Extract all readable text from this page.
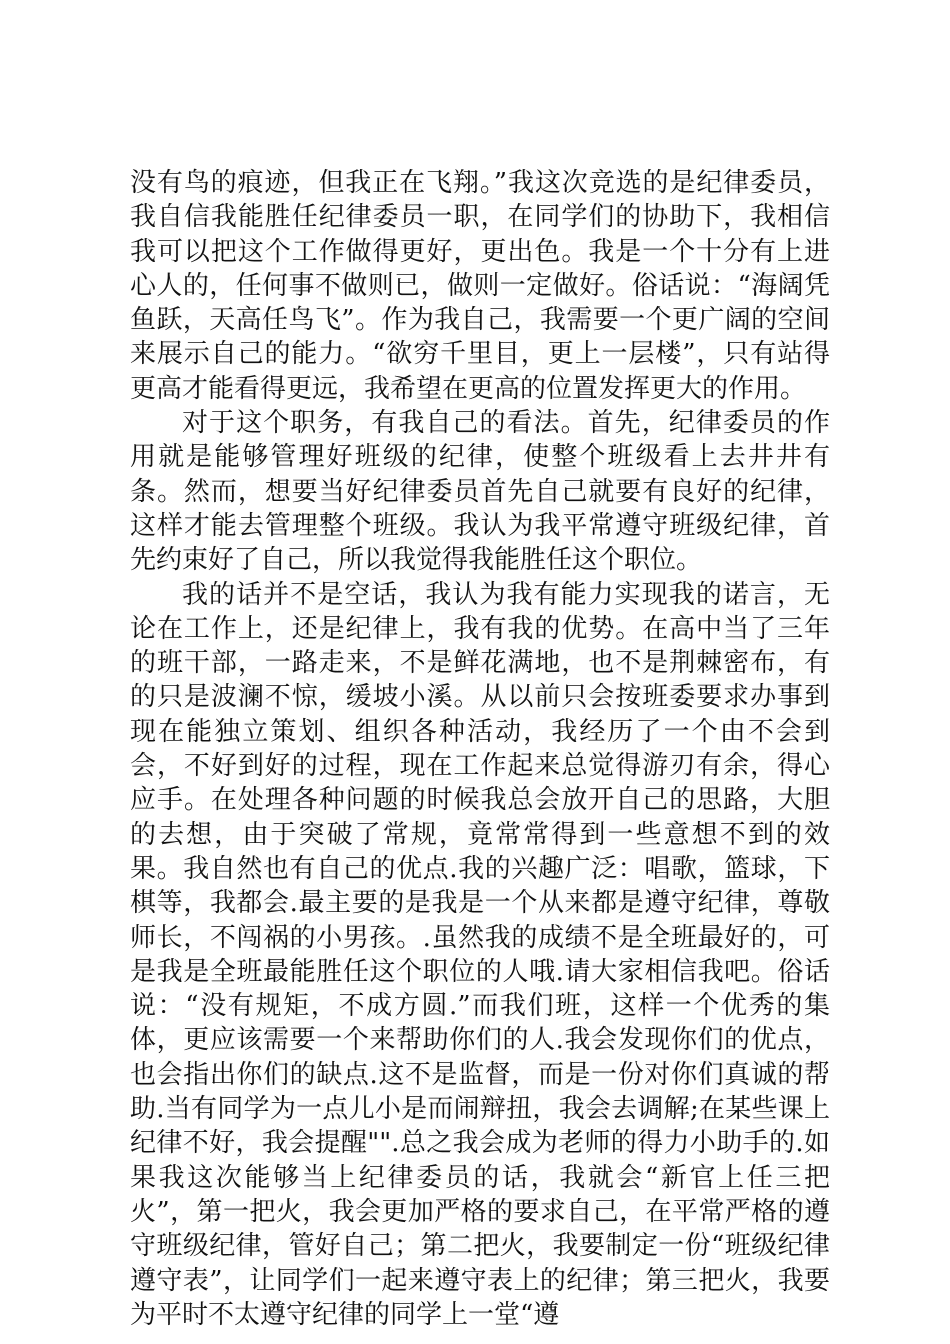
没有鸟的痕迹，但我正在飞翔。”我这次竞选的是纪律委员，我自信我能胜任纪律委员一职，在同学们的协助下，我相信我可以把这个工作做得更好，更出色。我是一个十分有上进心人的，任何事不做则已，做则一定做好。俗话说：“海阔凭鱼跃，天高任鸟飞”。作为我自己，我需要一个更广阔的空间来展示自己的能力。“欲穷千里目，更上一层楼”，只有站得更高才能看得更远，我希望在更高的位置发挥更大的作用。

对于这个职务，有我自己的看法。首先，纪律委员的作用就是能够管理好班级的纪律，使整个班级看上去井井有条。然而，想要当好纪律委员首先自己就要有良好的纪律，这样才能去管理整个班级。我认为我平常遵守班级纪律，首先约束好了自己，所以我觉得我能胜任这个职位。

我的话并不是空话，我认为我有能力实现我的诺言，无论在工作上，还是纪律上，我有我的优势。在高中当了三年的班干部，一路走来，不是鲜花满地，也不是荆棘密布，有的只是波澜不惊，缓坡小溪。从以前只会按班委要求办事到现在能独立策划、组织各种活动，我经历了一个由不会到会，不好到好的过程，现在工作起来总觉得游刃有余，得心应手。在处理各种问题的时候我总会放开自己的思路，大胆的去想，由于突破了常规，竟常常得到一些意想不到的效果。我自然也有自己的优点.我的兴趣广泛：唱歌，篮球，下棋等，我都会.最主要的是我是一个从来都是遵守纪律，尊敬师长，不闯祸的小男孩。.虽然我的成绩不是全班最好的，可是我是全班最能胜任这个职位的人哦.请大家相信我吧。俗话说：“没有规矩，不成方圆.”而我们班，这样一个优秀的集体，更应该需要一个来帮助你们的人.我会发现你们的优点，也会指出你们的缺点.这不是监督，而是一份对你们真诚的帮助.当有同学为一点儿小是而闹辩扭，我会去调解;在某些课上纪律不好，我会提醒"".总之我会成为老师的得力小助手的.如果我这次能够当上纪律委员的话，我就会“新官上任三把火”，第一把火，我会更加严格的要求自己，在平常严格的遵守班级纪律，管好自己；第二把火，我要制定一份“班级纪律遵守表”，让同学们一起来遵守表上的纪律；第三把火，我要为平时不太遵守纪律的同学上一堂“遵
